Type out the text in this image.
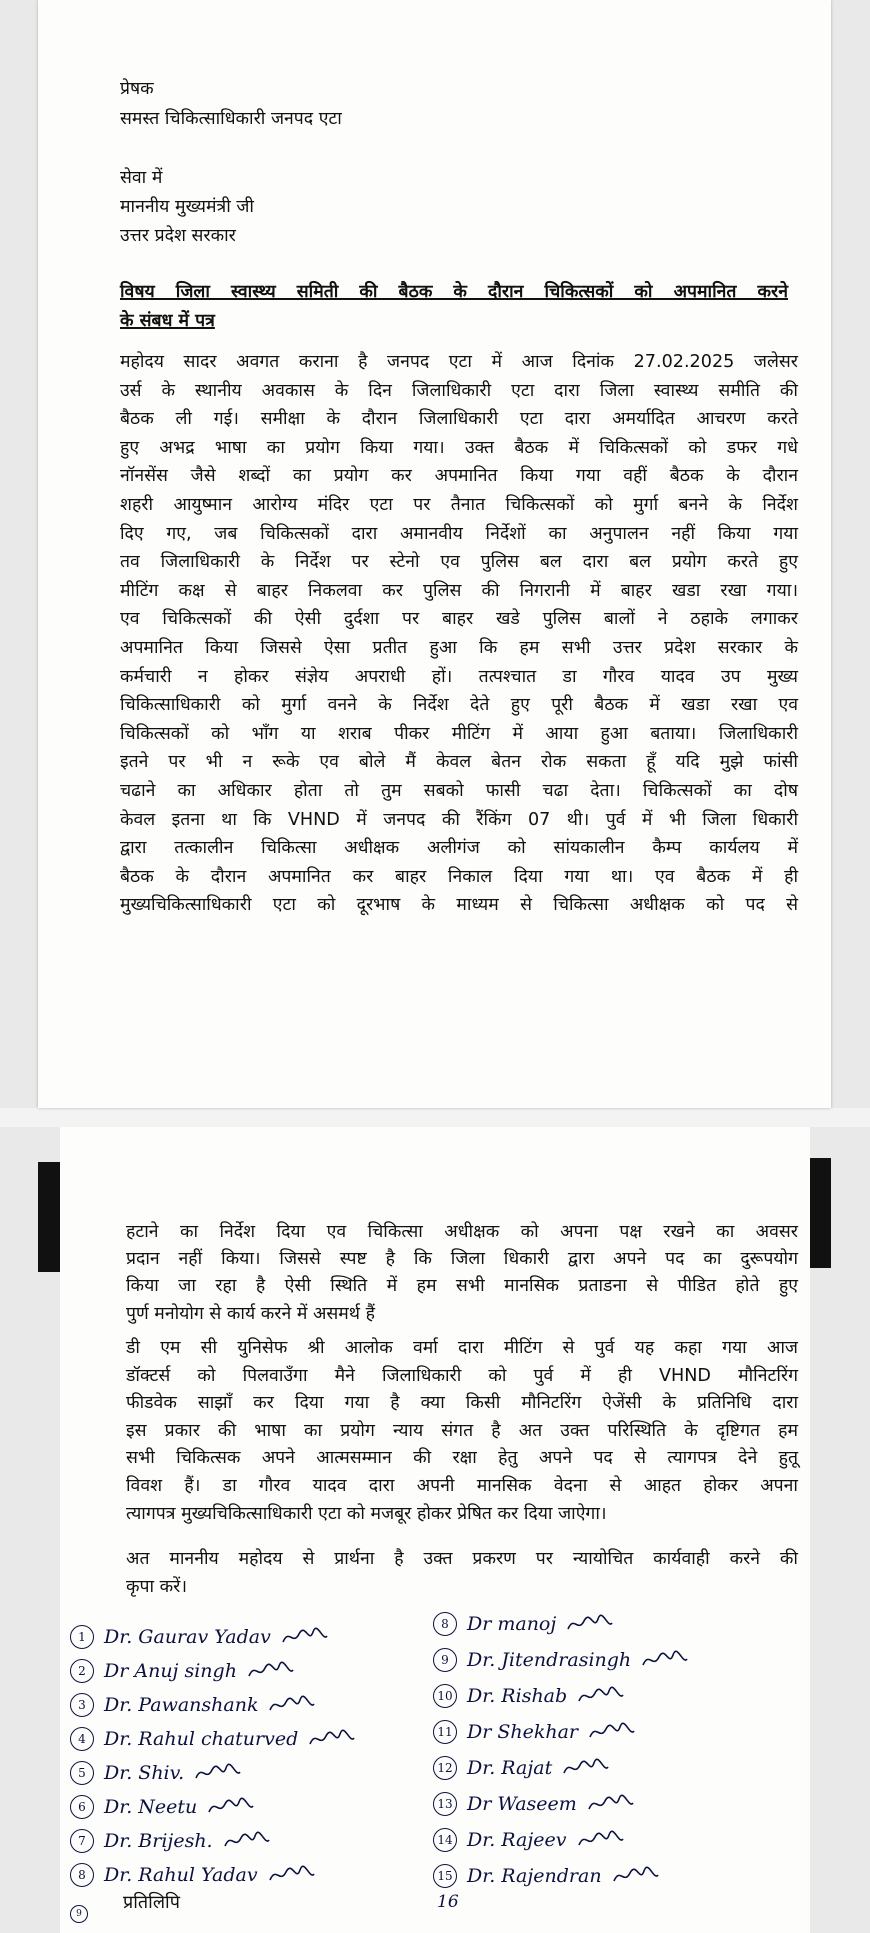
प्रेषक
समस्त चिकित्साधिकारी जनपद एटा
सेवा में
माननीय मुख्यमंत्री जी
उत्तर प्रदेश सरकार
विषय जिला स्वास्थ्य समिती की बैठक के दौरान चिकित्सकों को अपमानित करने
के संबध में पत्र
महोदय सादर अवगत कराना है जनपद एटा में आज दिनांक 27.02.2025 जलेसर
उर्स के स्थानीय अवकास के दिन जिलाधिकारी एटा दारा जिला स्वास्थ्य समीति की
बैठक ली गई। समीक्षा के दौरान जिलाधिकारी एटा दारा अमर्यादित आचरण करते
हुए अभद्र भाषा का प्रयोग किया गया। उक्त बैठक में चिकित्सकों को डफर गधे
नॉनसेंस जैसे शब्दों का प्रयोग कर अपमानित किया गया वहीं बैठक के दौरान
शहरी आयुष्मान आरोग्य मंदिर एटा पर तैनात चिकित्सकों को मुर्गा बनने के निर्देश
दिए गए, जब चिकित्सकों दारा अमानवीय निर्देशों का अनुपालन नहीं किया गया
तव जिलाधिकारी के निर्देश पर स्टेनो एव पुलिस बल दारा बल प्रयोग करते हुए
मीटिंग कक्ष से बाहर निकलवा कर पुलिस की निगरानी में बाहर खडा रखा गया।
एव चिकित्सकों की ऐसी दुर्दशा पर बाहर खडे पुलिस बालों ने ठहाके लगाकर
अपमानित किया जिससे ऐसा प्रतीत हुआ कि हम सभी उत्तर प्रदेश सरकार के
कर्मचारी न होकर संज्ञेय अपराधी हों। तत्पश्चात डा गौरव यादव उप मुख्य
चिकित्साधिकारी को मुर्गा वनने के निर्देश देते हुए पूरी बैठक में खडा रखा एव
चिकित्सकों को भॉंग या शराब पीकर मीटिंग में आया हुआ बताया। जिलाधिकारी
इतने पर भी न रूके एव बोले मैं केवल बेतन रोक सकता हूँ यदि मुझे फांसी
चढाने का अधिकार होता तो तुम सबको फासी चढा देता। चिकित्सकों का दोष
केवल इतना था कि VHND में जनपद की रैंकिंग 07 थी। पुर्व में भी जिला धिकारी
द्वारा तत्कालीन चिकित्सा अधीक्षक अलीगंज को सांयकालीन कैम्प कार्यलय में
बैठक के दौरान अपमानित कर बाहर निकाल दिया गया था। एव बैठक में ही
मुख्यचिकित्साधिकारी एटा को दूरभाष के माध्यम से चिकित्सा अधीक्षक को पद से
हटाने का निर्देश दिया एव चिकित्सा अधीक्षक को अपना पक्ष रखने का अवसर
प्रदान नहीं किया। जिससे स्पष्ट है कि जिला धिकारी द्वारा अपने पद का दुरूपयोग
किया जा रहा है ऐसी स्थिति में हम सभी मानसिक प्रताडना से पीडित होते हुए
पुर्ण मनोयोग से कार्य करने में असमर्थ हैं
डी एम सी युनिसेफ श्री आलोक वर्मा दारा मीटिंग से पुर्व यह कहा गया आज
डॉक्टर्स को पिलवाउँगा मैने जिलाधिकारी को पुर्व में ही VHND मौनिटरिंग
फीडवेक साझॉं कर दिया गया है क्या किसी मौनिटरिंग ऐजेंसी के प्रतिनिधि दारा
इस प्रकार की भाषा का प्रयोग न्याय संगत है अत उक्त परिस्थिति के दृष्टिगत हम
सभी चिकित्सक अपने आत्मसम्मान की रक्षा हेतु अपने पद से त्यागपत्र देने हुतू
विवश हैं। डा गौरव यादव दारा अपनी मानसिक वेदना से आहत होकर अपना
त्यागपत्र मुख्यचिकित्साधिकारी एटा को मजबूर होकर प्रेषित कर दिया जाऐगा।
अत माननीय महोदय से प्रार्थना है उक्त प्रकरण पर न्यायोचित कार्यवाही करने की
कृपा करें।
1 Dr. Gaurav Yadav
2 Dr Anuj singh
3 Dr. Pawanshank
4 Dr. Rahul chaturved
5 Dr. Shiv.
6 Dr. Neetu
7 Dr. Brijesh.
8 Dr. Rahul Yadav
8 Dr manoj
9 Dr. Jitendrasingh
10 Dr. Rishab
11 Dr Shekhar
12 Dr. Rajat
13 Dr Waseem
14 Dr. Rajeev
15 Dr. Rajendran
9
प्रतिलिपि	16
